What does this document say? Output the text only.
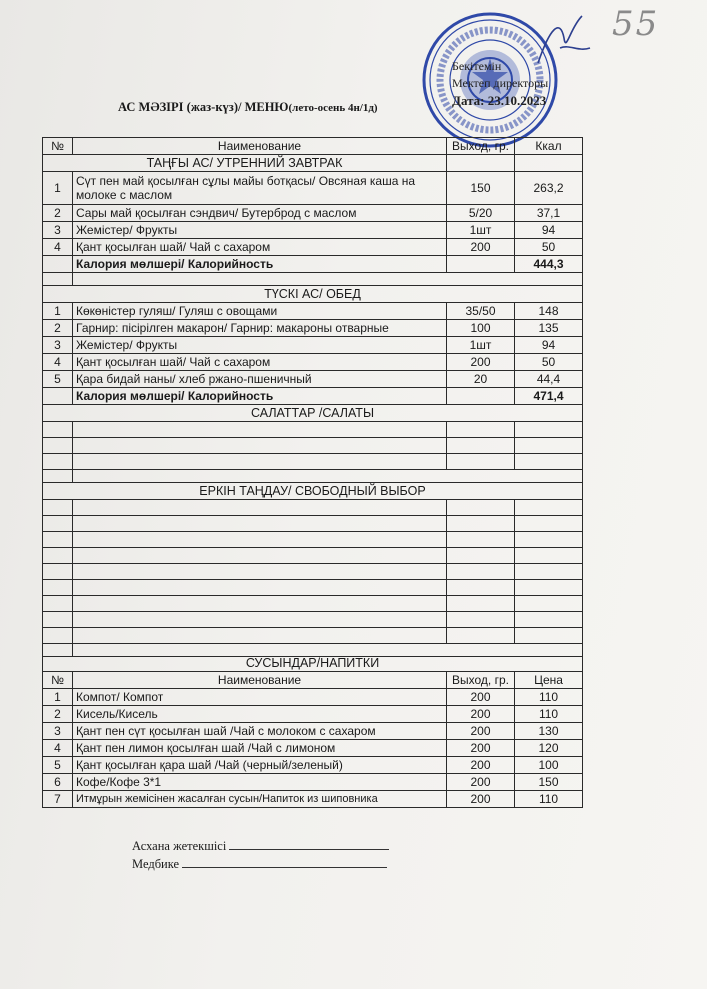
55
Бекітемін
Мектеп директоры
Дата: 23.10.2023
АС МӘЗІРІ (жаз-күз)/ МЕНЮ(лето-осень 4н/1д)
№	Наименование	Выход, гр.	Ккал
ТАҢҒЫ АС/ УТРЕННИЙ ЗАВТРАК			
1	Сүт пен май қосылған сұлы майы ботқасы/ Овсяная каша на молоке с маслом	150	263,2
2	Сары май қосылған сэндвич/ Бутерброд с маслом	5/20	37,1
3	Жемістер/ Фрукты	1шт	94
4	Қант қосылған шай/ Чай с сахаром	200	50
	Калория мөлшері/ Калорийность		444,3

ТҮСКІ АС/ ОБЕД			
1	Көкөністер гуляш/ Гуляш с овощами	35/50	148
2	Гарнир: пісірілген макарон/ Гарнир: макароны отварные	100	135
3	Жемістер/ Фрукты	1шт	94
4	Қант қосылған шай/ Чай с сахаром	200	50
5	Қара бидай наны/ хлеб ржано-пшеничный	20	44,4
	Калория мөлшері/ Калорийность		471,4
САЛАТТАР /САЛАТЫ			

ЕРКІН ТАҢДАУ/ СВОБОДНЫЙ ВЫБОР			

СУСЫНДАР/НАПИТКИ			
№	Наименование	Выход, гр.	Цена
1	Компот/ Компот	200	110
2	Кисель/Кисель	200	110
3	Қант пен сүт қосылған шай /Чай с молоком с сахаром	200	130
4	Қант пен лимон қосылған шай /Чай с лимоном	200	120
5	Қант қосылған қара шай /Чай (черный/зеленый)	200	100
6	Кофе/Кофе 3*1	200	150
7	Итмұрын жемісінен жасалған сусын/Напиток из шиповника	200	110
Асхана жетекшісі
Медбике
